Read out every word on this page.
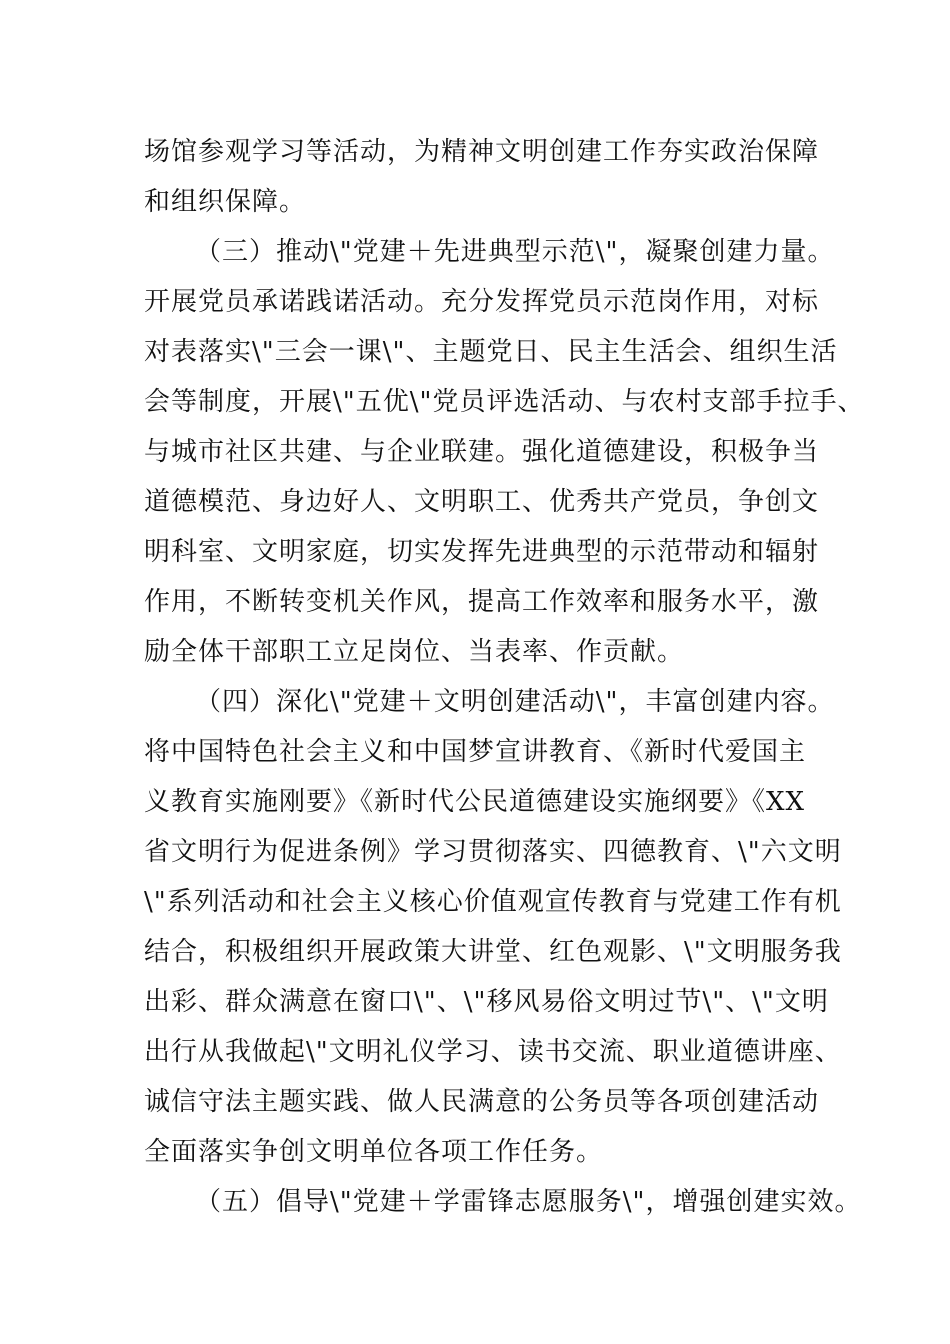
场馆参观学习等活动，为精神文明创建工作夯实政治保障
和组织保障。
（三）推动\"党建＋先进典型示范\"，凝聚创建力量。
开展党员承诺践诺活动。充分发挥党员示范岗作用，对标
对表落实\"三会一课\"、主题党日、民主生活会、组织生活
会等制度，开展\"五优\"党员评选活动、与农村支部手拉手、
与城市社区共建、与企业联建。强化道德建设，积极争当
道德模范、身边好人、文明职工、优秀共产党员，争创文
明科室、文明家庭，切实发挥先进典型的示范带动和辐射
作用，不断转变机关作风，提高工作效率和服务水平，激
励全体干部职工立足岗位、当表率、作贡献。
（四）深化\"党建＋文明创建活动\"，丰富创建内容。
将中国特色社会主义和中国梦宣讲教育、《新时代爱国主
义教育实施刚要》《新时代公民道德建设实施纲要》《XX
省文明行为促进条例》学习贯彻落实、四德教育、\"六文明
\"系列活动和社会主义核心价值观宣传教育与党建工作有机
结合，积极组织开展政策大讲堂、红色观影、\"文明服务我
出彩、群众满意在窗口\"、\"移风易俗文明过节\"、\"文明
出行从我做起\"文明礼仪学习、读书交流、职业道德讲座、
诚信守法主题实践、做人民满意的公务员等各项创建活动
全面落实争创文明单位各项工作任务。
（五）倡导\"党建＋学雷锋志愿服务\"，增强创建实效。
